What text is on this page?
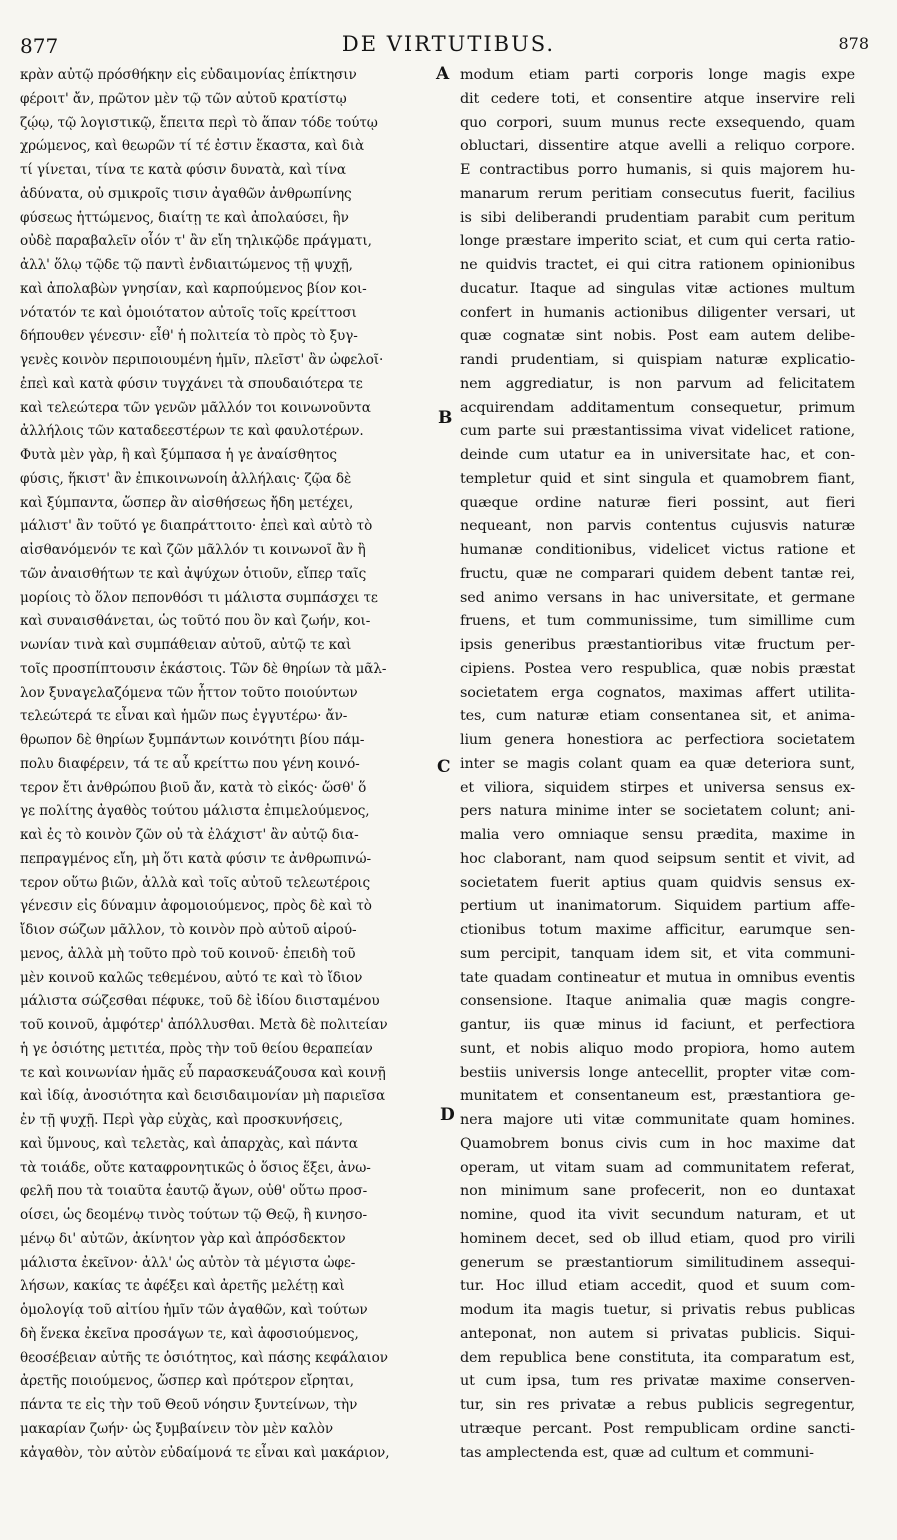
877	DE VIRTUTIBUS.	878
κρὰν αὐτῷ πρόσθήκην εἰς εὐδαιμονίας ἐπίκτησιν
φέροιτ' ἄν, πρῶτον μὲν τῷ τῶν αὐτοῦ κρατίστῳ
ζῴῳ, τῷ λογιστικῷ, ἔπειτα περὶ τὸ ἅπαν τόδε τούτῳ
χρώμενος, καὶ θεωρῶν τί τέ ἐστιν ἕκαστα, καὶ διὰ
τί γίνεται, τίνα τε κατὰ φύσιν δυνατὰ, καὶ τίνα
ἀδύνατα, οὐ σμικροῖς τισιν ἀγαθῶν ἀνθρωπίνης
φύσεως ἡττώμενος, διαίτῃ τε καὶ ἀπολαύσει, ἣν
οὐδὲ παραβαλεῖν οἷόν τ' ἂν εἴη τηλικῷδε πράγματι,
ἀλλ' ὅλῳ τῷδε τῷ παντὶ ἐνδιαιτώμενος τῇ ψυχῇ,
καὶ ἀπολαβὼν γνησίαν, καὶ καρπούμενος βίον κοι-
νότατόν τε καὶ ὁμοιότατον αὐτοῖς τοῖς κρείττοσι
δήπουθεν γένεσιν· εἶθ' ἡ πολιτεία τὸ πρὸς τὸ ξυγ-
γενὲς κοινὸν περιποιουμένη ἡμῖν, πλεῖστ' ἂν ὠφελοῖ·
ἐπεὶ καὶ κατὰ φύσιν τυγχάνει τὰ σπουδαιότερα τε
καὶ τελεώτερα τῶν γενῶν μᾶλλόν τοι κοινωνοῦντα
ἀλλήλοις τῶν καταδεεστέρων τε καὶ φαυλοτέρων.
Φυτὰ μὲν γὰρ, ἣ καὶ ξύμπασα ἡ γε ἀναίσθητος
φύσις, ἥκιστ' ἂν ἐπικοινωνοίη ἀλλήλαις· ζῷα δὲ
καὶ ξύμπαντα, ὥσπερ ἂν αἰσθήσεως ἤδη μετέχει,
μάλιστ' ἂν τοῦτό γε διαπράττοιτο· ἐπεὶ καὶ αὐτὸ τὸ
αἰσθανόμενόν τε καὶ ζῶν μᾶλλόν τι κοινωνοῖ ἂν ἢ
τῶν ἀναισθήτων τε καὶ ἀψύχων ὁτιοῦν, εἴπερ ταῖς
μορίοις τὸ ὅλον πεπονθόσι τι μάλιστα συμπάσχει τε
καὶ συναισθάνεται, ὡς τοῦτό που ὂν καὶ ζωήν, κοι-
νωνίαν τινὰ καὶ συμπάθειαν αὐτοῦ, αὐτῷ τε καὶ
τοῖς προσπίπτουσιν ἑκάστοις. Τῶν δὲ θηρίων τὰ μᾶλ-
λον ξυναγελαζόμενα τῶν ἧττον τοῦτο ποιούντων
τελεώτερά τε εἶναι καὶ ἡμῶν πως ἐγγυτέρω· ἄν-
θρωπον δὲ θηρίων ξυμπάντων κοινότητι βίου πάμ-
πολυ διαφέρειν, τά τε αὖ κρείττω που γένη κοινό-
τερον ἔτι ἀνθρώπου βιοῦ ἄν, κατὰ τὸ εἰκός· ὥσθ' ὅ
γε πολίτης ἀγαθὸς τούτου μάλιστα ἐπιμελούμενος,
καὶ ἐς τὸ κοινὸν ζῶν οὐ τὰ ἐλάχιστ' ἂν αὐτῷ δια-
πεπραγμένος εἴη, μὴ ὅτι κατὰ φύσιν τε ἀνθρωπινώ-
τερον οὕτω βιῶν, ἀλλὰ καὶ τοῖς αὐτοῦ τελεωτέροις
γένεσιν εἰς δύναμιν ἀφομοιούμενος, πρὸς δὲ καὶ τὸ
ἴδιον σώζων μᾶλλον, τὸ κοινὸν πρὸ αὐτοῦ αἱρού-
μενος, ἀλλὰ μὴ τοῦτο πρὸ τοῦ κοινοῦ· ἐπειδὴ τοῦ
μὲν κοινοῦ καλῶς τεθεμένου, αὐτό τε καὶ τὸ ἴδιον
μάλιστα σώζεσθαι πέφυκε, τοῦ δὲ ἰδίου διισταμένου
τοῦ κοινοῦ, ἀμφότερ' ἀπόλλυσθαι. Μετὰ δὲ πολιτείαν
ἡ γε ὁσιότης μετιτέα, πρὸς τὴν τοῦ θείου θεραπείαν
τε καὶ κοινωνίαν ἡμᾶς εὖ παρασκευάζουσα καὶ κοινῇ
καὶ ἰδίᾳ, ἀνοσιότητα καὶ δεισιδαιμονίαν μὴ παριεῖσα
ἐν τῇ ψυχῇ. Περὶ γὰρ εὐχὰς, καὶ προσκυνήσεις,
καὶ ὕμνους, καὶ τελετὰς, καὶ ἀπαρχὰς, καὶ πάντα
τὰ τοιάδε, οὔτε καταφρονητικῶς ὁ ὅσιος ἕξει, ἀνω-
φελῆ που τὰ τοιαῦτα ἑαυτῷ ἄγων, οὐθ' οὕτω προσ-
οίσει, ὡς δεομένῳ τινὸς τούτων τῷ Θεῷ, ἢ κινησο-
μένῳ δι' αὐτῶν, ἀκίνητον γὰρ καὶ ἀπρόσδεκτον
μάλιστα ἐκεῖνον· ἀλλ' ὡς αὐτὸν τὰ μέγιστα ὠφε-
λήσων, κακίας τε ἀφέξει καὶ ἀρετῆς μελέτῃ καὶ
ὁμολογίᾳ τοῦ αἰτίου ἡμῖν τῶν ἀγαθῶν, καὶ τούτων
δὴ ἕνεκα ἐκεῖνα προσάγων τε, καὶ ἀφοσιούμενος,
θεοσέβειαν αὐτῆς τε ὁσιότητος, καὶ πάσης κεφάλαιον
ἀρετῆς ποιούμενος, ὥσπερ καὶ πρότερον εἴρηται,
πάντα τε εἰς τὴν τοῦ Θεοῦ νόησιν ξυντείνων, τὴν
μακαρίαν ζωήν· ὡς ξυμβαίνειν τὸν μὲν καλὸν
κἀγαθὸν, τὸν αὐτὸν εὐδαίμονά τε εἶναι καὶ μακάριον,
A
B
C
D
modum etiam parti corporis longe magis expe
dit cedere toti, et consentire atque inservire reli
quo corpori, suum munus recte exsequendo, quam
obluctari, dissentire atque avelli a reliquo corpore.
E contractibus porro humanis, si quis majorem hu-
manarum rerum peritiam consecutus fuerit, facilius
is sibi deliberandi prudentiam parabit cum peritum
longe præstare imperito sciat, et cum qui certa ratio-
ne quidvis tractet, ei qui citra rationem opinionibus
ducatur. Itaque ad singulas vitæ actiones multum
confert in humanis actionibus diligenter versari, ut
quæ cognatæ sint nobis. Post eam autem delibe-
randi prudentiam, si quispiam naturæ explicatio-
nem aggrediatur, is non parvum ad felicitatem
acquirendam additamentum consequetur, primum
cum parte sui præstantissima vivat videlicet ratione,
deinde cum utatur ea in universitate hac, et con-
templetur quid et sint singula et quamobrem fiant,
quæque ordine naturæ fieri possint, aut fieri
nequeant, non parvis contentus cujusvis naturæ
humanæ conditionibus, videlicet victus ratione et
fructu, quæ ne comparari quidem debent tantæ rei,
sed animo versans in hac universitate, et germane
fruens, et tum communissime, tum simillime cum
ipsis generibus præstantioribus vitæ fructum per-
cipiens. Postea vero respublica, quæ nobis præstat
societatem erga cognatos, maximas affert utilita-
tes, cum naturæ etiam consentanea sit, et anima-
lium genera honestiora ac perfectiora societatem
inter se magis colant quam ea quæ deteriora sunt,
et viliora, siquidem stirpes et universa sensus ex-
pers natura minime inter se societatem colunt; ani-
malia vero omniaque sensu prædita, maxime in
hoc claborant, nam quod seipsum sentit et vivit, ad
societatem fuerit aptius quam quidvis sensus ex-
pertium ut inanimatorum. Siquidem partium affe-
ctionibus totum maxime afficitur, earumque sen-
sum percipit, tanquam idem sit, et vita communi-
tate quadam contineatur et mutua in omnibus eventis
consensione. Itaque animalia quæ magis congre-
gantur, iis quæ minus id faciunt, et perfectiora
sunt, et nobis aliquo modo propiora, homo autem
bestiis universis longe antecellit, propter vitæ com-
munitatem et consentaneum est, præstantiora ge-
nera majore uti vitæ communitate quam homines.
Quamobrem bonus civis cum in hoc maxime dat
operam, ut vitam suam ad communitatem referat,
non minimum sane profecerit, non eo duntaxat
nomine, quod ita vivit secundum naturam, et ut
hominem decet, sed ob illud etiam, quod pro virili
generum se præstantiorum similitudinem assequi-
tur. Hoc illud etiam accedit, quod et suum com-
modum ita magis tuetur, si privatis rebus publicas
anteponat, non autem si privatas publicis. Siqui-
dem republica bene constituta, ita comparatum est,
ut cum ipsa, tum res privatæ maxime conserven-
tur, sin res privatæ a rebus publicis segregentur,
utræque percant. Post rempublicam ordine sancti-
tas amplectenda est, quæ ad cultum et communi-
